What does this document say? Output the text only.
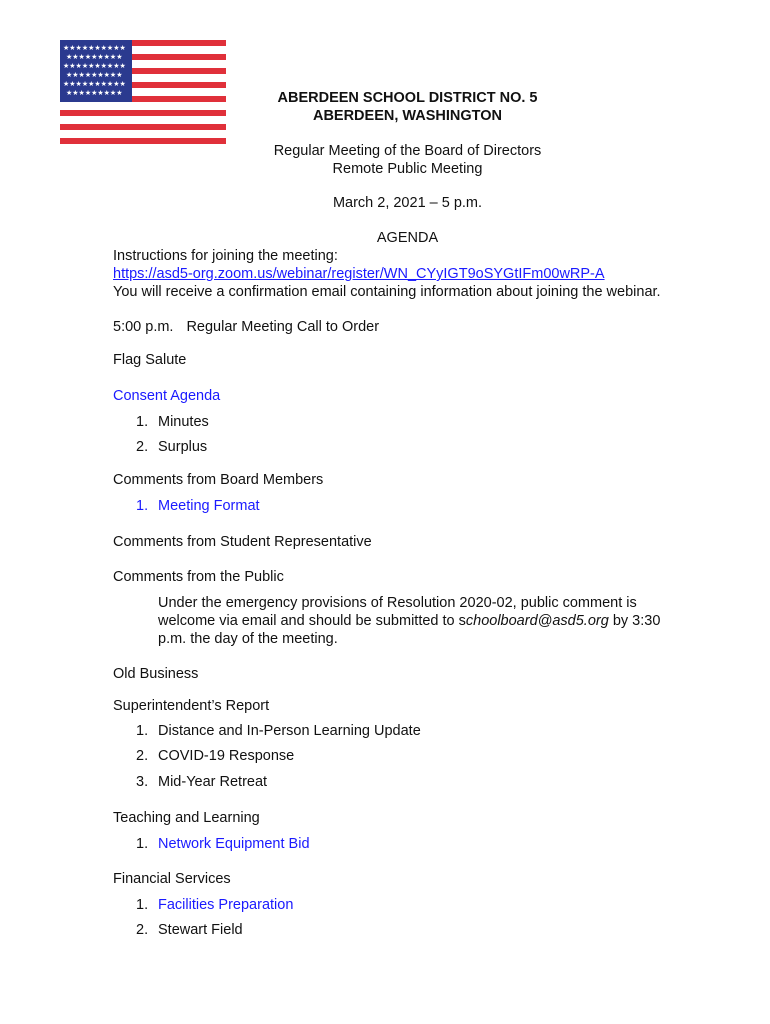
★★★★★★★★★★
★★★★★★★★★
★★★★★★★★★★
★★★★★★★★★
★★★★★★★★★★
★★★★★★★★★	ABERDEEN SCHOOL DISTRICT NO. 5
ABERDEEN, WASHINGTON
Regular Meeting of the Board of Directors
Remote Public Meeting
March 2, 2021 – 5 p.m.
AGENDA
Instructions for joining the meeting:
https://asd5-org.zoom.us/webinar/register/WN_CYyIGT9oSYGtIFm00wRP-A
You will receive a confirmation email containing information about joining the webinar.
5:00 p.m. Regular Meeting Call to Order
Flag Salute
Consent Agenda
1. Minutes
2. Surplus
Comments from Board Members
1. Meeting Format
Comments from Student Representative
Comments from the Public
Under the emergency provisions of Resolution 2020-02, public comment is
welcome via email and should be submitted to schoolboard@asd5.org by 3:30
p.m. the day of the meeting.
Old Business
Superintendent’s Report
1. Distance and In-Person Learning Update
2. COVID-19 Response
3. Mid-Year Retreat
Teaching and Learning
1. Network Equipment Bid
Financial Services
1. Facilities Preparation
2. Stewart Field
